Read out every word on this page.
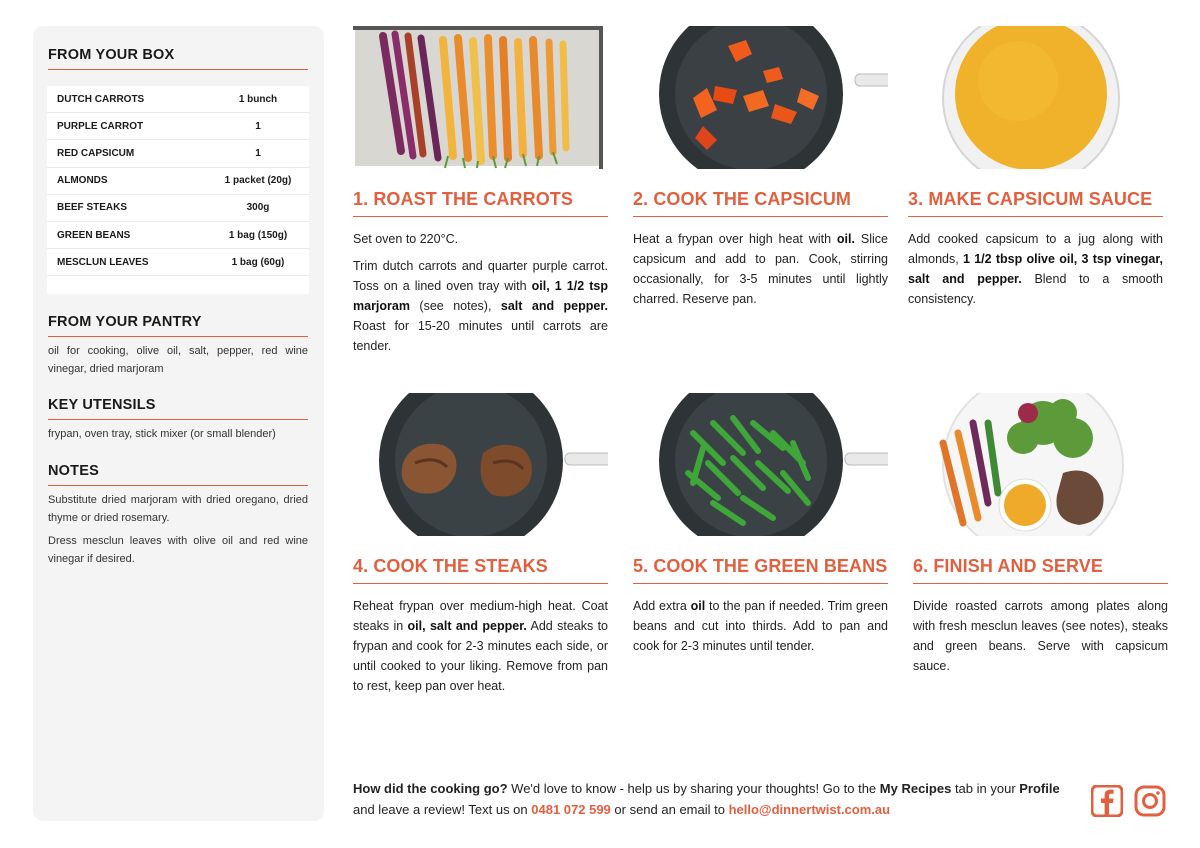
FROM YOUR BOX
DUTCH CARROTS	1 bunch
PURPLE CARROT	1
RED CAPSICUM	1
ALMONDS	1 packet (20g)
BEEF STEAKS	300g
GREEN BEANS	1 bag (150g)
MESCLUN LEAVES	1 bag (60g)
FROM YOUR PANTRY
oil for cooking, olive oil, salt, pepper, red wine vinegar, dried marjoram
KEY UTENSILS
frypan, oven tray, stick mixer (or small blender)
NOTES
Substitute dried marjoram with dried oregano, dried thyme or dried rosemary.
Dress mesclun leaves with olive oil and red wine vinegar if desired.
1. ROAST THE CARROTS

Set oven to 220°C.

Trim dutch carrots and quarter purple carrot. Toss on a lined oven tray with oil, 1 1/2 tsp marjoram (see notes), salt and pepper. Roast for 15-20 minutes until carrots are tender.

2. COOK THE CAPSICUM

Heat a frypan over high heat with oil. Slice capsicum and add to pan. Cook, stirring occasionally, for 3-5 minutes until lightly charred. Reserve pan.

3. MAKE CAPSICUM SAUCE

Add cooked capsicum to a jug along with almonds, 1 1/2 tbsp olive oil, 3 tsp vinegar, salt and pepper. Blend to a smooth consistency.

4. COOK THE STEAKS

Reheat frypan over medium-high heat. Coat steaks in oil, salt and pepper. Add steaks to frypan and cook for 2-3 minutes each side, or until cooked to your liking. Remove from pan to rest, keep pan over heat.

5. COOK THE GREEN BEANS

Add extra oil to the pan if needed. Trim green beans and cut into thirds. Add to pan and cook for 2-3 minutes until tender.

6. FINISH AND SERVE

Divide roasted carrots among plates along with fresh mesclun leaves (see notes), steaks and green beans. Serve with capsicum sauce.

How did the cooking go? We'd love to know - help us by sharing your thoughts! Go to the My Recipes tab in your Profile and leave a review! Text us on 0481 072 599 or send an email to hello@dinnertwist.com.au
